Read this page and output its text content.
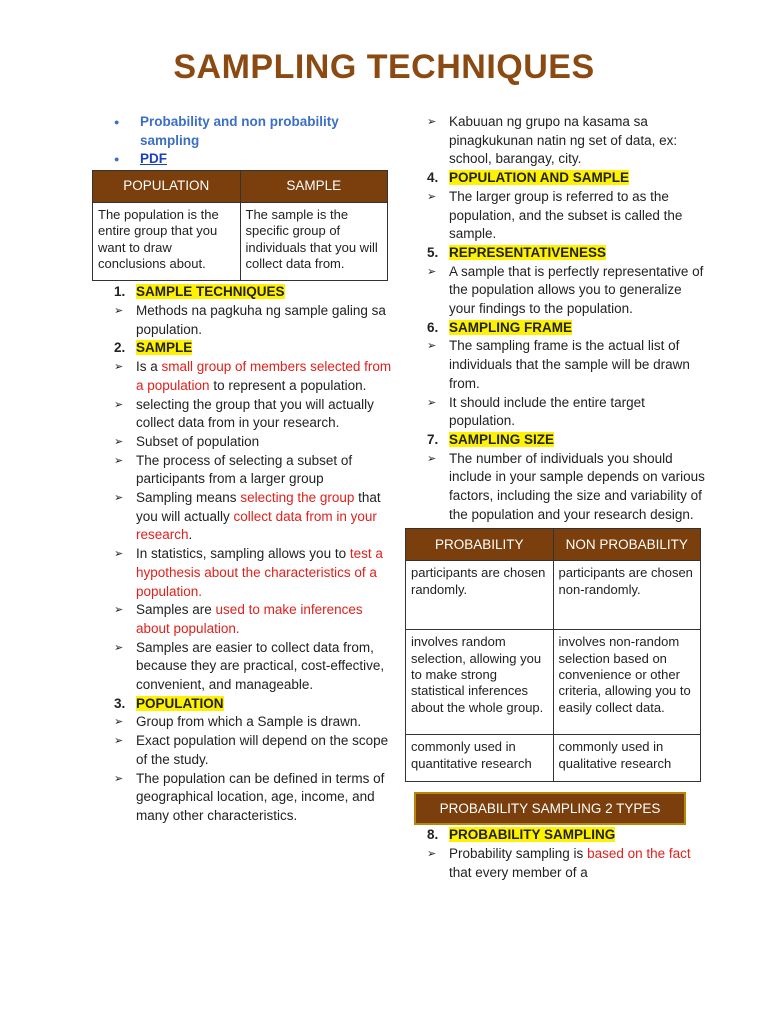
SAMPLING TECHNIQUES
● Probability and non probability sampling
● PDF
POPULATION	SAMPLE
The population is the entire group that you want to draw conclusions about.	The sample is the specific group of individuals that you will collect data from.
1. SAMPLE TECHNIQUES
➢ Methods na pagkuha ng sample galing sa population.
2. SAMPLE
➢ Is a small group of members selected from a population to represent a population.
➢ selecting the group that you will actually collect data from in your research.
➢ Subset of population
➢ The process of selecting a subset of participants from a larger group
➢ Sampling means selecting the group that you will actually collect data from in your research.
➢ In statistics, sampling allows you to test a hypothesis about the characteristics of a population.
➢ Samples are used to make inferences about population.
➢ Samples are easier to collect data from, because they are practical, cost-effective, convenient, and manageable.
3. POPULATION
➢ Group from which a Sample is drawn.
➢ Exact population will depend on the scope of the study.
➢ The population can be defined in terms of geographical location, age, income, and many other characteristics.
➢ Kabuuan ng grupo na kasama sa pinagkukunan natin ng set of data, ex: school, barangay, city.
4. POPULATION AND SAMPLE
➢ The larger group is referred to as the population, and the subset is called the sample.
5. REPRESENTATIVENESS
➢ A sample that is perfectly representative of the population allows you to generalize your findings to the population.
6. SAMPLING FRAME
➢ The sampling frame is the actual list of individuals that the sample will be drawn from.
➢ It should include the entire target population.
7. SAMPLING SIZE
➢ The number of individuals you should include in your sample depends on various factors, including the size and variability of the population and your research design.
PROBABILITY	NON PROBABILITY
participants are chosen randomly.	participants are chosen non-randomly.
involves random selection, allowing you to make strong statistical inferences about the whole group.	involves non-random selection based on convenience or other criteria, allowing you to easily collect data.
commonly used in quantitative research	commonly used in qualitative research
PROBABILITY SAMPLING 2 TYPES
8. PROBABILITY SAMPLING
➢ Probability sampling is based on the fact that every member of a
